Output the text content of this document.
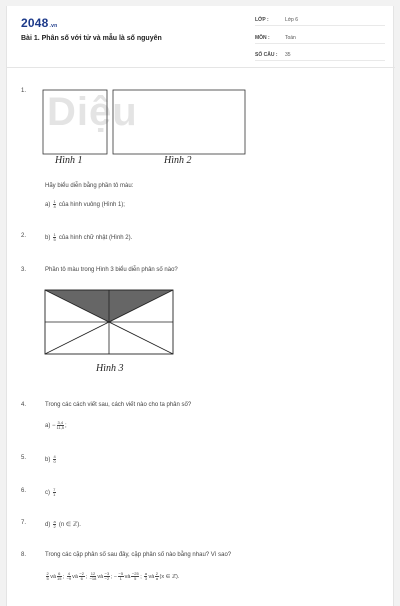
2048.vn
Bài 1. Phân số với tử và mẫu là số nguyên
LỚP :	Lớp 6
MÔN :	Toán
SỐ CÂU : 35
1. Diệu
Hình 1	Hình 2
Hãy biểu diễn bằng phần tô màu:
$a) \frac{1}{4}$ của hình vuông (Hình 1);
2.	$b) \frac{1}{5}$ của hình chữ nhật (Hình 2).
3.	Phần tô màu trong Hình 3 biểu diễn phân số nào?
Hình 3
4.	Trong các cách viết sau, cách viết nào cho ta phân số?
$a) - \frac{3,4}{11,5}$ ;
5.	$b) \frac{4}{0}$
6.	$c) \frac{7}{1}$
7.	$d) \frac{a}{2} (n$ ∈ ℤ).
8.	Trong các cặp phân số sau đây, cặp phân số nào bằng nhau? Vì sao?
$\frac{2}{5}$ và $\frac{6}{15}$ ; $\frac{4}{-9}$ và $\frac{-2}{6}$ ; $\frac{12}{-18}$ và $\frac{-3}{-2}$ ; − $\frac{-5}{1}$ và $\frac{-25}{5}$ ; $\frac{a}{3}$ và $\frac{2}{a} (x$ ∈ ℤ).
